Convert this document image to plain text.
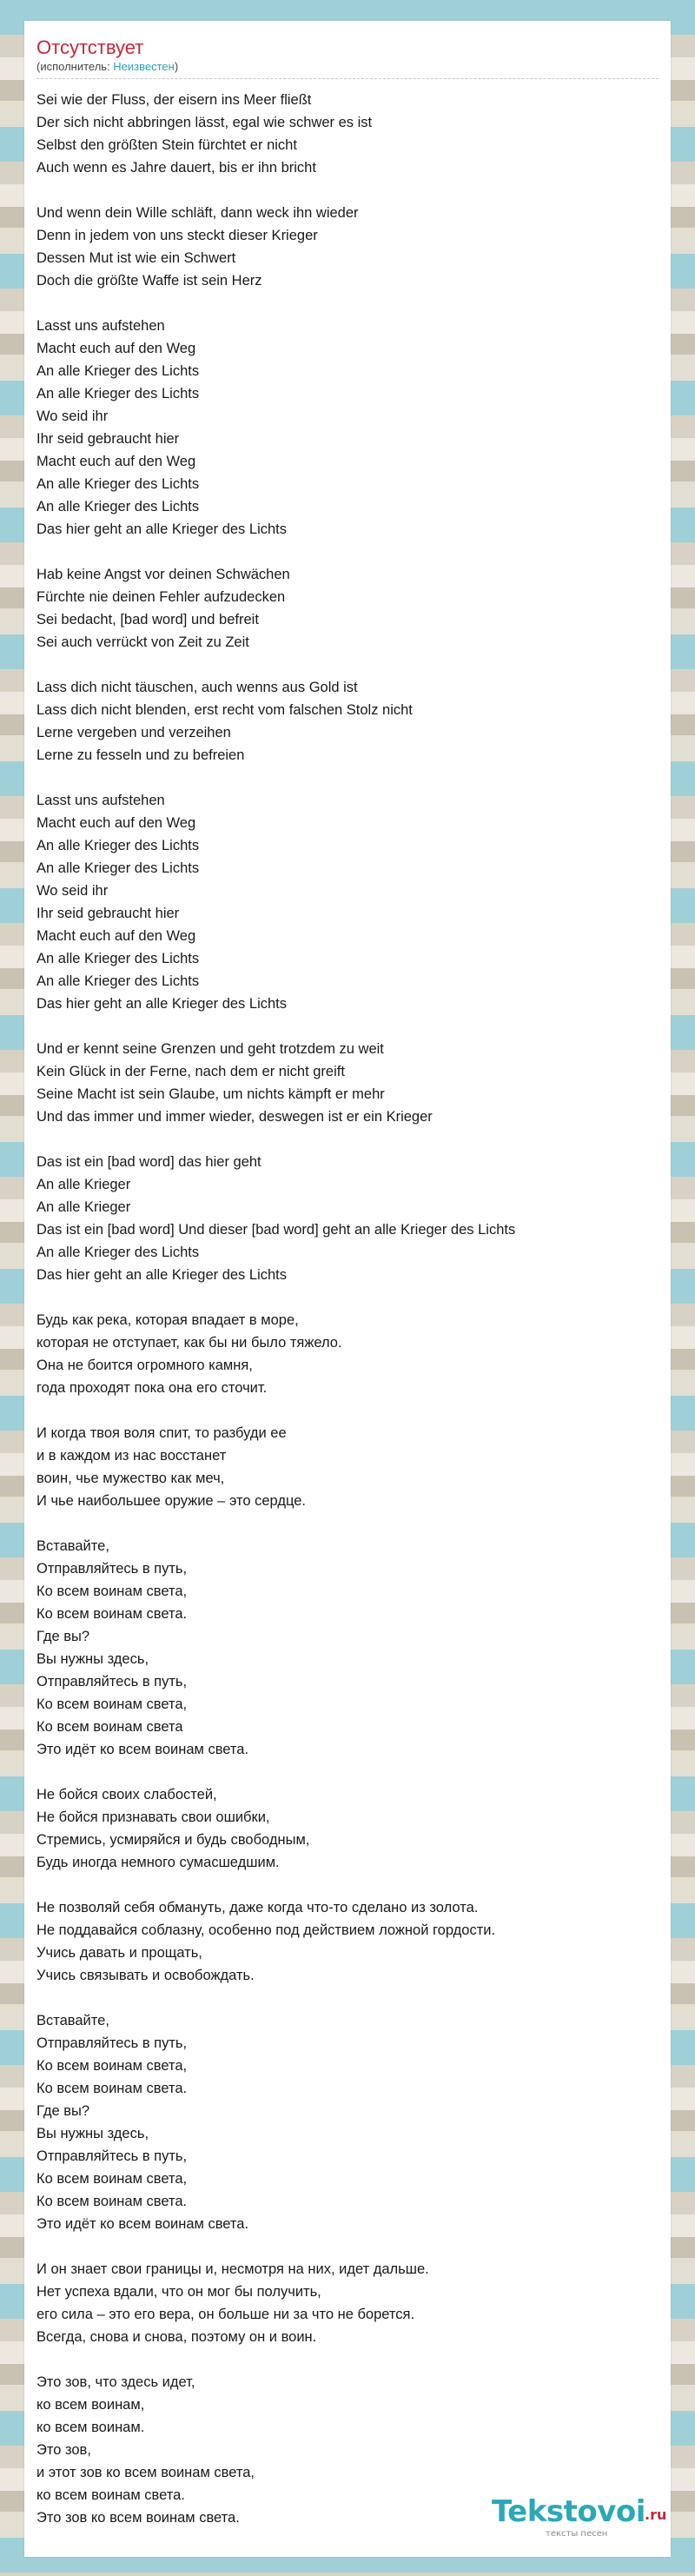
Отсутствует
(исполнитель: Неизвестен)
Sei wie der Fluss, der eisern ins Meer fließt
Der sich nicht abbringen lässt, egal wie schwer es ist
Selbst den größten Stein fürchtet er nicht
Auch wenn es Jahre dauert, bis er ihn bricht
Und wenn dein Wille schläft, dann weck ihn wieder
Denn in jedem von uns steckt dieser Krieger
Dessen Mut ist wie ein Schwert
Doch die größte Waffe ist sein Herz
Lasst uns aufstehen
Macht euch auf den Weg
An alle Krieger des Lichts
An alle Krieger des Lichts
Wo seid ihr
Ihr seid gebraucht hier
Macht euch auf den Weg
An alle Krieger des Lichts
An alle Krieger des Lichts
Das hier geht an alle Krieger des Lichts
Hab keine Angst vor deinen Schwächen
Fürchte nie deinen Fehler aufzudecken
Sei bedacht, [bad word] und befreit
Sei auch verrückt von Zeit zu Zeit
Lass dich nicht täuschen, auch wenns aus Gold ist
Lass dich nicht blenden, erst recht vom falschen Stolz nicht
Lerne vergeben und verzeihen
Lerne zu fesseln und zu befreien
Lasst uns aufstehen
Macht euch auf den Weg
An alle Krieger des Lichts
An alle Krieger des Lichts
Wo seid ihr
Ihr seid gebraucht hier
Macht euch auf den Weg
An alle Krieger des Lichts
An alle Krieger des Lichts
Das hier geht an alle Krieger des Lichts
Und er kennt seine Grenzen und geht trotzdem zu weit
Kein Glück in der Ferne, nach dem er nicht greift
Seine Macht ist sein Glaube, um nichts kämpft er mehr
Und das immer und immer wieder, deswegen ist er ein Krieger
Das ist ein [bad word] das hier geht
An alle Krieger
An alle Krieger
Das ist ein [bad word] Und dieser [bad word] geht an alle Krieger des Lichts
An alle Krieger des Lichts
Das hier geht an alle Krieger des Lichts
Будь как река, которая впадает в море,
которая не отступает, как бы ни было тяжело.
Она не боится огромного камня,
года проходят пока она его сточит.
И когда твоя воля спит, то разбуди ее
и в каждом из нас восстанет
воин, чье мужество как меч,
И чье наибольшее оружие – это сердце.
Вставайте,
Отправляйтесь в путь,
Ко всем воинам света,
Ко всем воинам света.
Где вы?
Вы нужны здесь,
Отправляйтесь в путь,
Ко всем воинам света,
Ко всем воинам света
Это идёт ко всем воинам света.
Не бойся своих слабостей,
Не бойся признавать свои ошибки,
Стремись, усмиряйся и будь свободным,
Будь иногда немного сумасшедшим.
Не позволяй себя обмануть, даже когда что-то сделано из золота.
Не поддавайся соблазну, особенно под действием ложной гордости.
Учись давать и прощать,
Учись связывать и освобождать.
Вставайте,
Отправляйтесь в путь,
Ко всем воинам света,
Ко всем воинам света.
Где вы?
Вы нужны здесь,
Отправляйтесь в путь,
Ко всем воинам света,
Ко всем воинам света.
Это идёт ко всем воинам света.
И он знает свои границы и, несмотря на них, идет дальше.
Нет успеха вдали, что он мог бы получить,
его сила – это его вера, он больше ни за что не борется.
Всегда, снова и снова, поэтому он и воин.
Это зов, что здесь идет,
ко всем воинам,
ко всем воинам.
Это зов,
и этот зов ко всем воинам света,
ко всем воинам света.
Это зов ко всем воинам света.	Tekstovoi .ru
тексты песен
